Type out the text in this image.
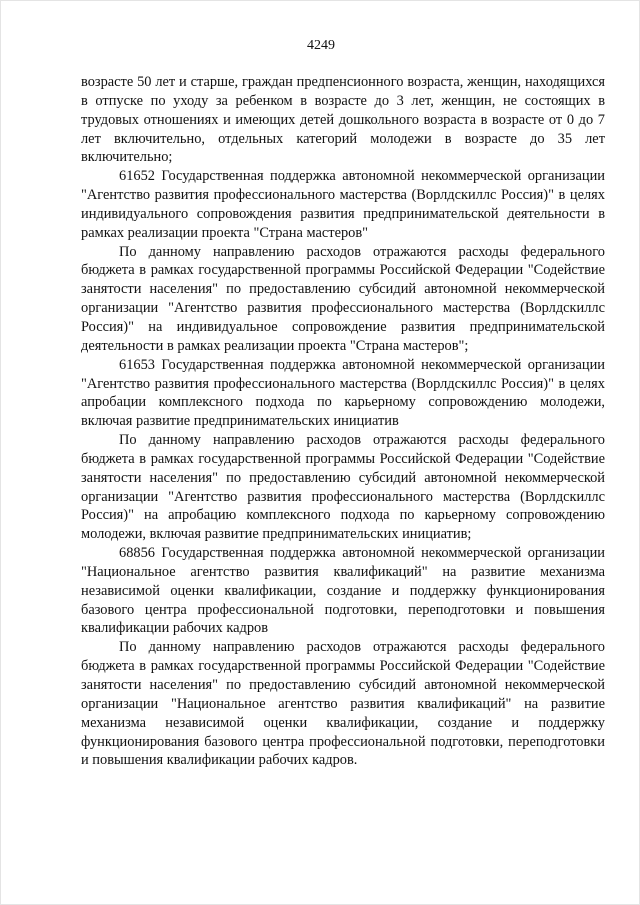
4249

возрасте 50 лет и старше, граждан предпенсионного возраста, женщин, находящихся в отпуске по уходу за ребенком в возрасте до 3 лет, женщин, не состоящих в трудовых отношениях и имеющих детей дошкольного возраста в возрасте от 0 до 7 лет включительно, отдельных категорий молодежи в возрасте до 35 лет включительно;

61652 Государственная поддержка автономной некоммерческой организации "Агентство развития профессионального мастерства (Ворлдскиллс Россия)" в целях индивидуального сопровождения развития предпринимательской деятельности в рамках реализации проекта "Страна мастеров"

По данному направлению расходов отражаются расходы федерального бюджета в рамках государственной программы Российской Федерации "Содействие занятости населения" по предоставлению субсидий автономной некоммерческой организации "Агентство развития профессионального мастерства (Ворлдскиллс Россия)" на индивидуальное сопровождение развития предпринимательской деятельности в рамках реализации проекта "Страна мастеров";

61653 Государственная поддержка автономной некоммерческой организации "Агентство развития профессионального мастерства (Ворлдскиллс Россия)" в целях апробации комплексного подхода по карьерному сопровождению молодежи, включая развитие предпринимательских инициатив

По данному направлению расходов отражаются расходы федерального бюджета в рамках государственной программы Российской Федерации "Содействие занятости населения" по предоставлению субсидий автономной некоммерческой организации "Агентство развития профессионального мастерства (Ворлдскиллс Россия)" на апробацию комплексного подхода по карьерному сопровождению молодежи, включая развитие предпринимательских инициатив;

68856 Государственная поддержка автономной некоммерческой организации "Национальное агентство развития квалификаций" на развитие механизма независимой оценки квалификации, создание и поддержку функционирования базового центра профессиональной подготовки, переподготовки и повышения квалификации рабочих кадров

По данному направлению расходов отражаются расходы федерального бюджета в рамках государственной программы Российской Федерации "Содействие занятости населения" по предоставлению субсидий автономной некоммерческой организации "Национальное агентство развития квалификаций" на развитие механизма независимой оценки квалификации, создание и поддержку функционирования базового центра профессиональной подготовки, переподготовки и повышения квалификации рабочих кадров.
